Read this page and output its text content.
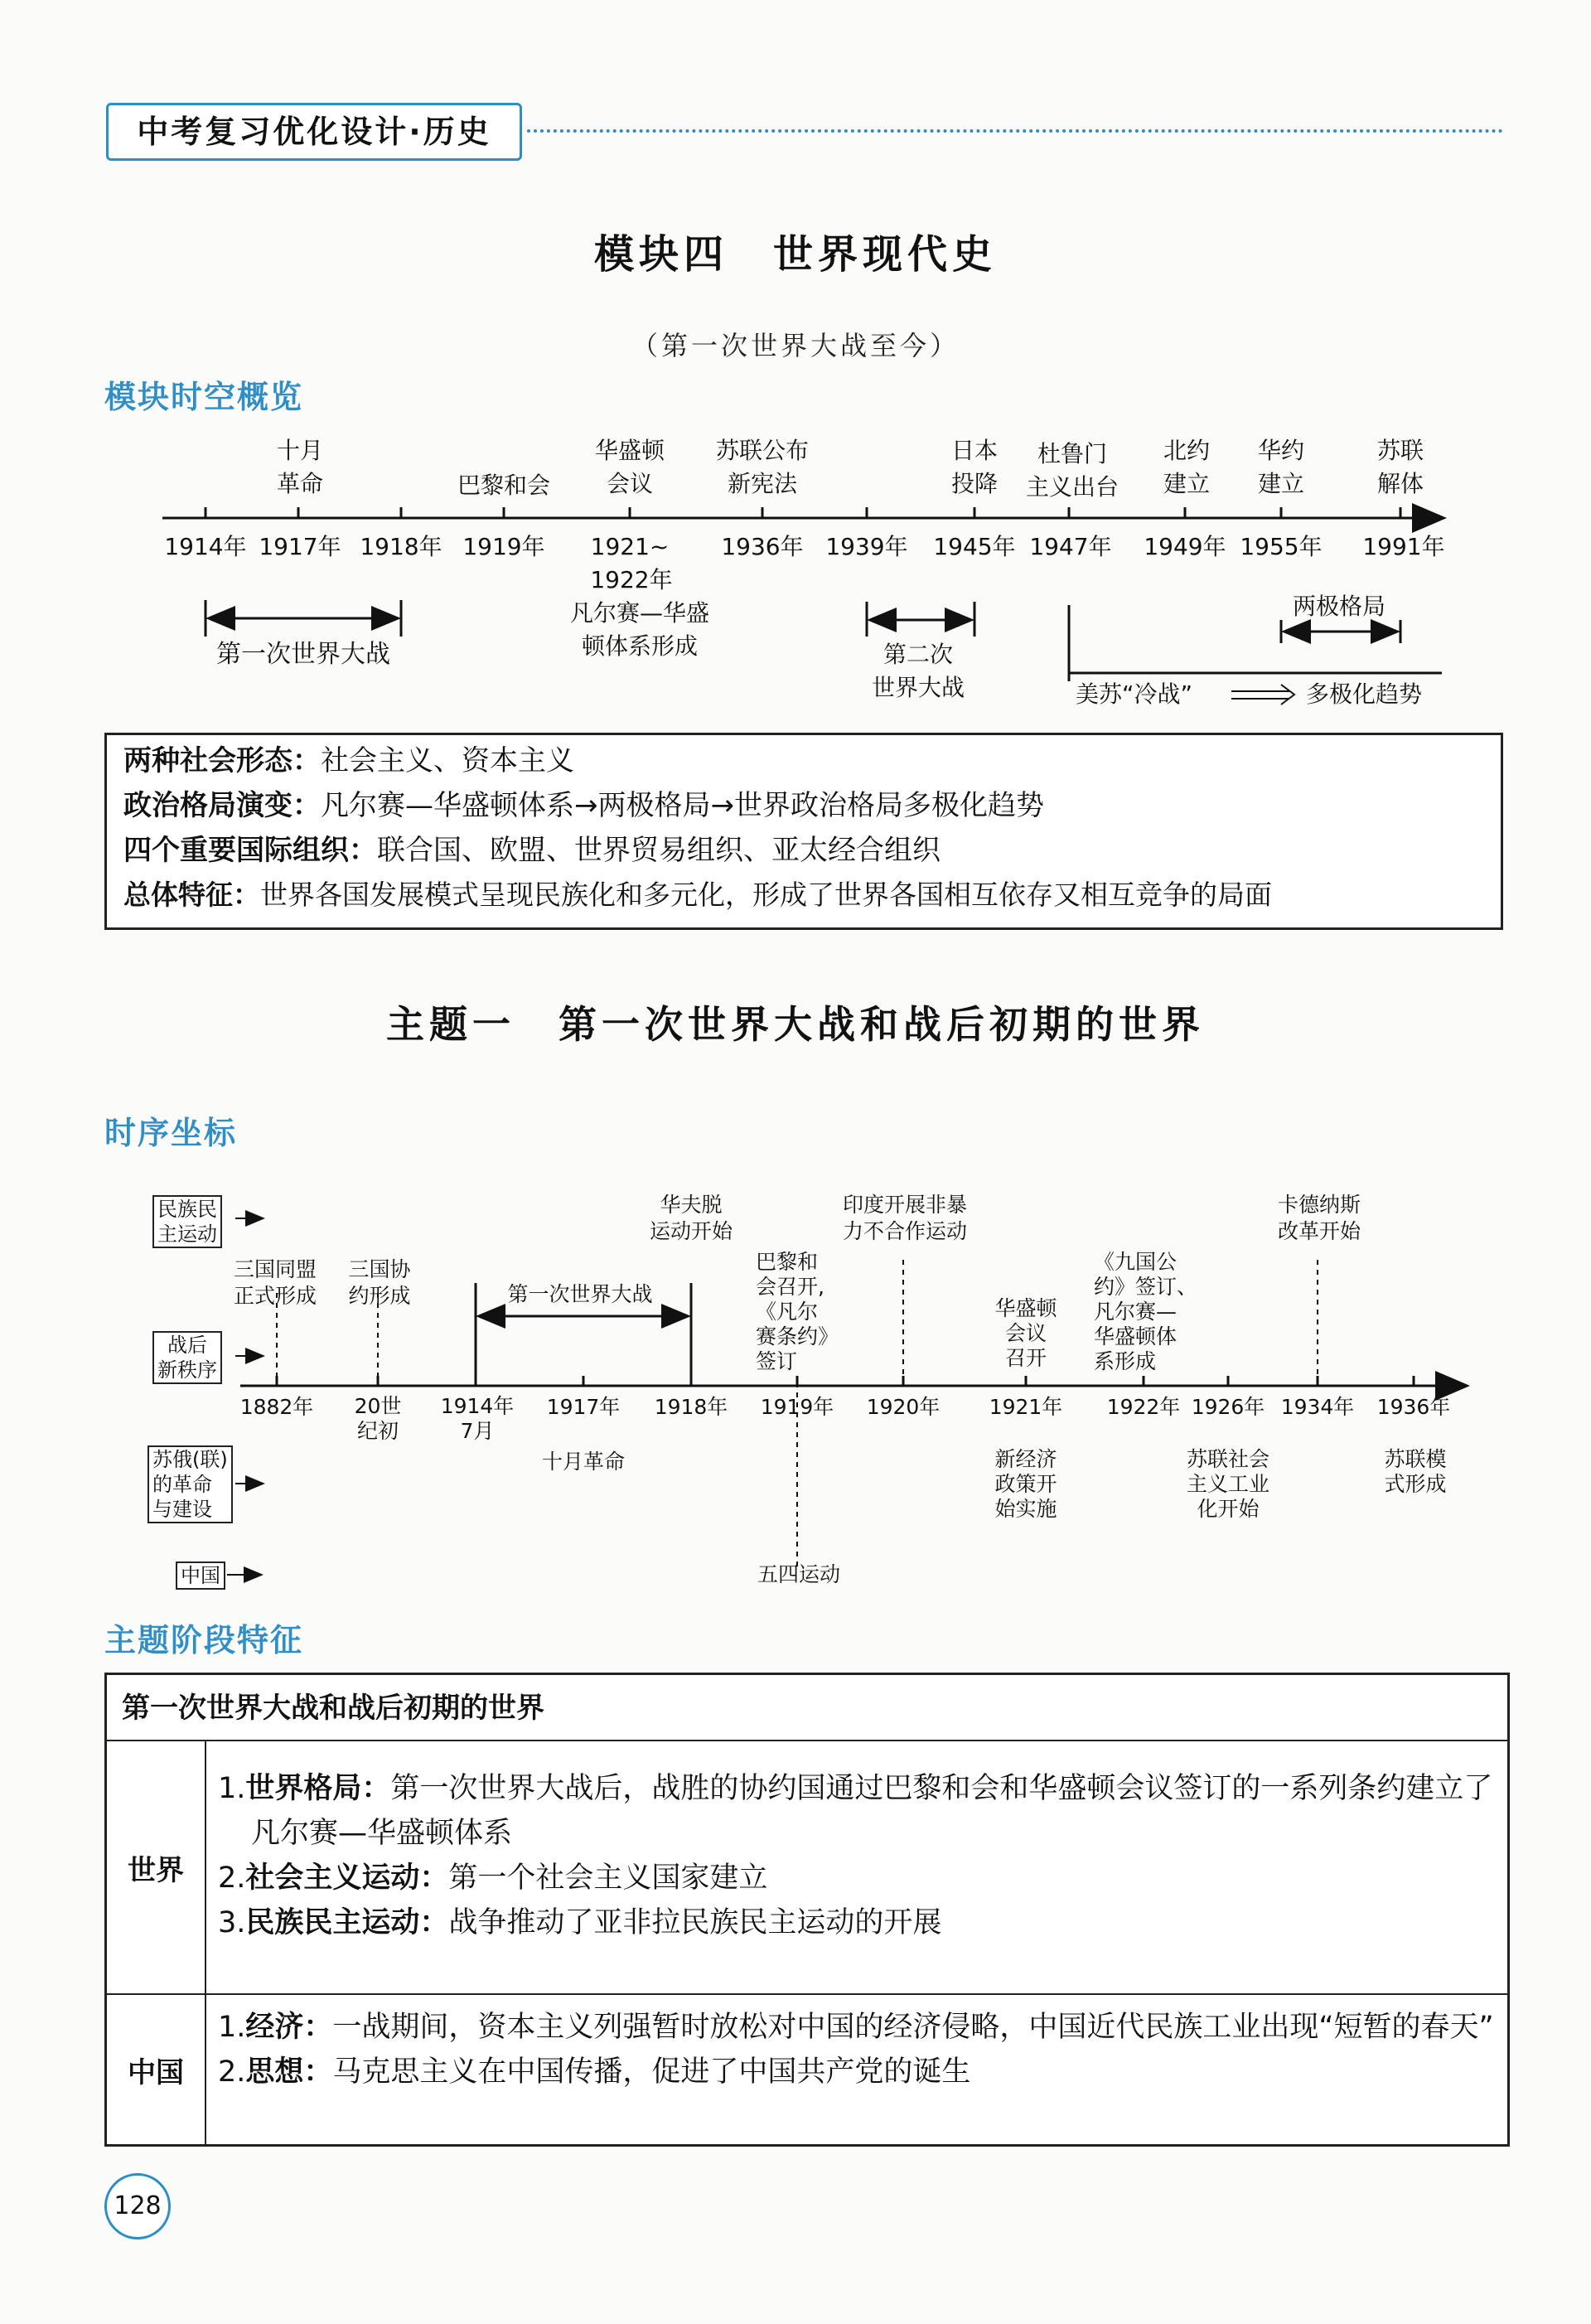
中考复习优化设计·历史
模块四　世界现代史
（第一次世界大战至今）
模块时空概览
十月
革命	巴黎和会
华盛顿
会议
苏联公布
新宪法
日本
投降
杜鲁门
主义出台
北约
建立
华约
建立
苏联
解体
1914年 1917年 1918年 1919年 1921~
1922年
1936年 1939年 1945年 1947年 1949年 1955年 1991年
第一次世界大战
凡尔赛—华盛
顿体系形成	第二次
世界大战
两极格局
美苏“冷战”	多极化趋势
两种社会形态：社会主义、资本主义
政治格局演变：凡尔赛—华盛顿体系→两极格局→世界政治格局多极化趋势
四个重要国际组织：联合国、欧盟、世界贸易组织、亚太经合组织
总体特征：世界各国发展模式呈现民族化和多元化，形成了世界各国相互依存又相互竞争的局面
主题一　第一次世界大战和战后初期的世界
时序坐标
民族民
主运动
战后
新秩序
苏俄(联)
的革命
与建设
中国
三国同盟
正式形成
三国协
约形成	第一次世界大战
华夫脱
运动开始
巴黎和
会召开,
《凡尔
赛条约》
签订
印度开展非暴
力不合作运动
华盛顿
会议
召开
《九国公
约》签订、
凡尔赛—
华盛顿体
系形成
卡德纳斯
改革开始
1882年 20世
纪初
1914年
7月
1917年 1918年 1919年 1920年 1921年 1922年 1926年 1934年 1936年
十月革命	新经济
政策开
始实施
苏联社会
主义工业
化开始
苏联模
式形成
五四运动
主题阶段特征
第一次世界大战和战后初期的世界
世界

1.世界格局：第一次世界大战后，战胜的协约国通过巴黎和会和华盛顿会议签订的一系列条约建立了凡尔赛—华盛顿体系

2.社会主义运动：第一个社会主义国家建立

3.民族民主运动：战争推动了亚非拉民族民主运动的开展

中国

1.经济：一战期间，资本主义列强暂时放松对中国的经济侵略，中国近代民族工业出现“短暂的春天”

2.思想：马克思主义在中国传播，促进了中国共产党的诞生

128
